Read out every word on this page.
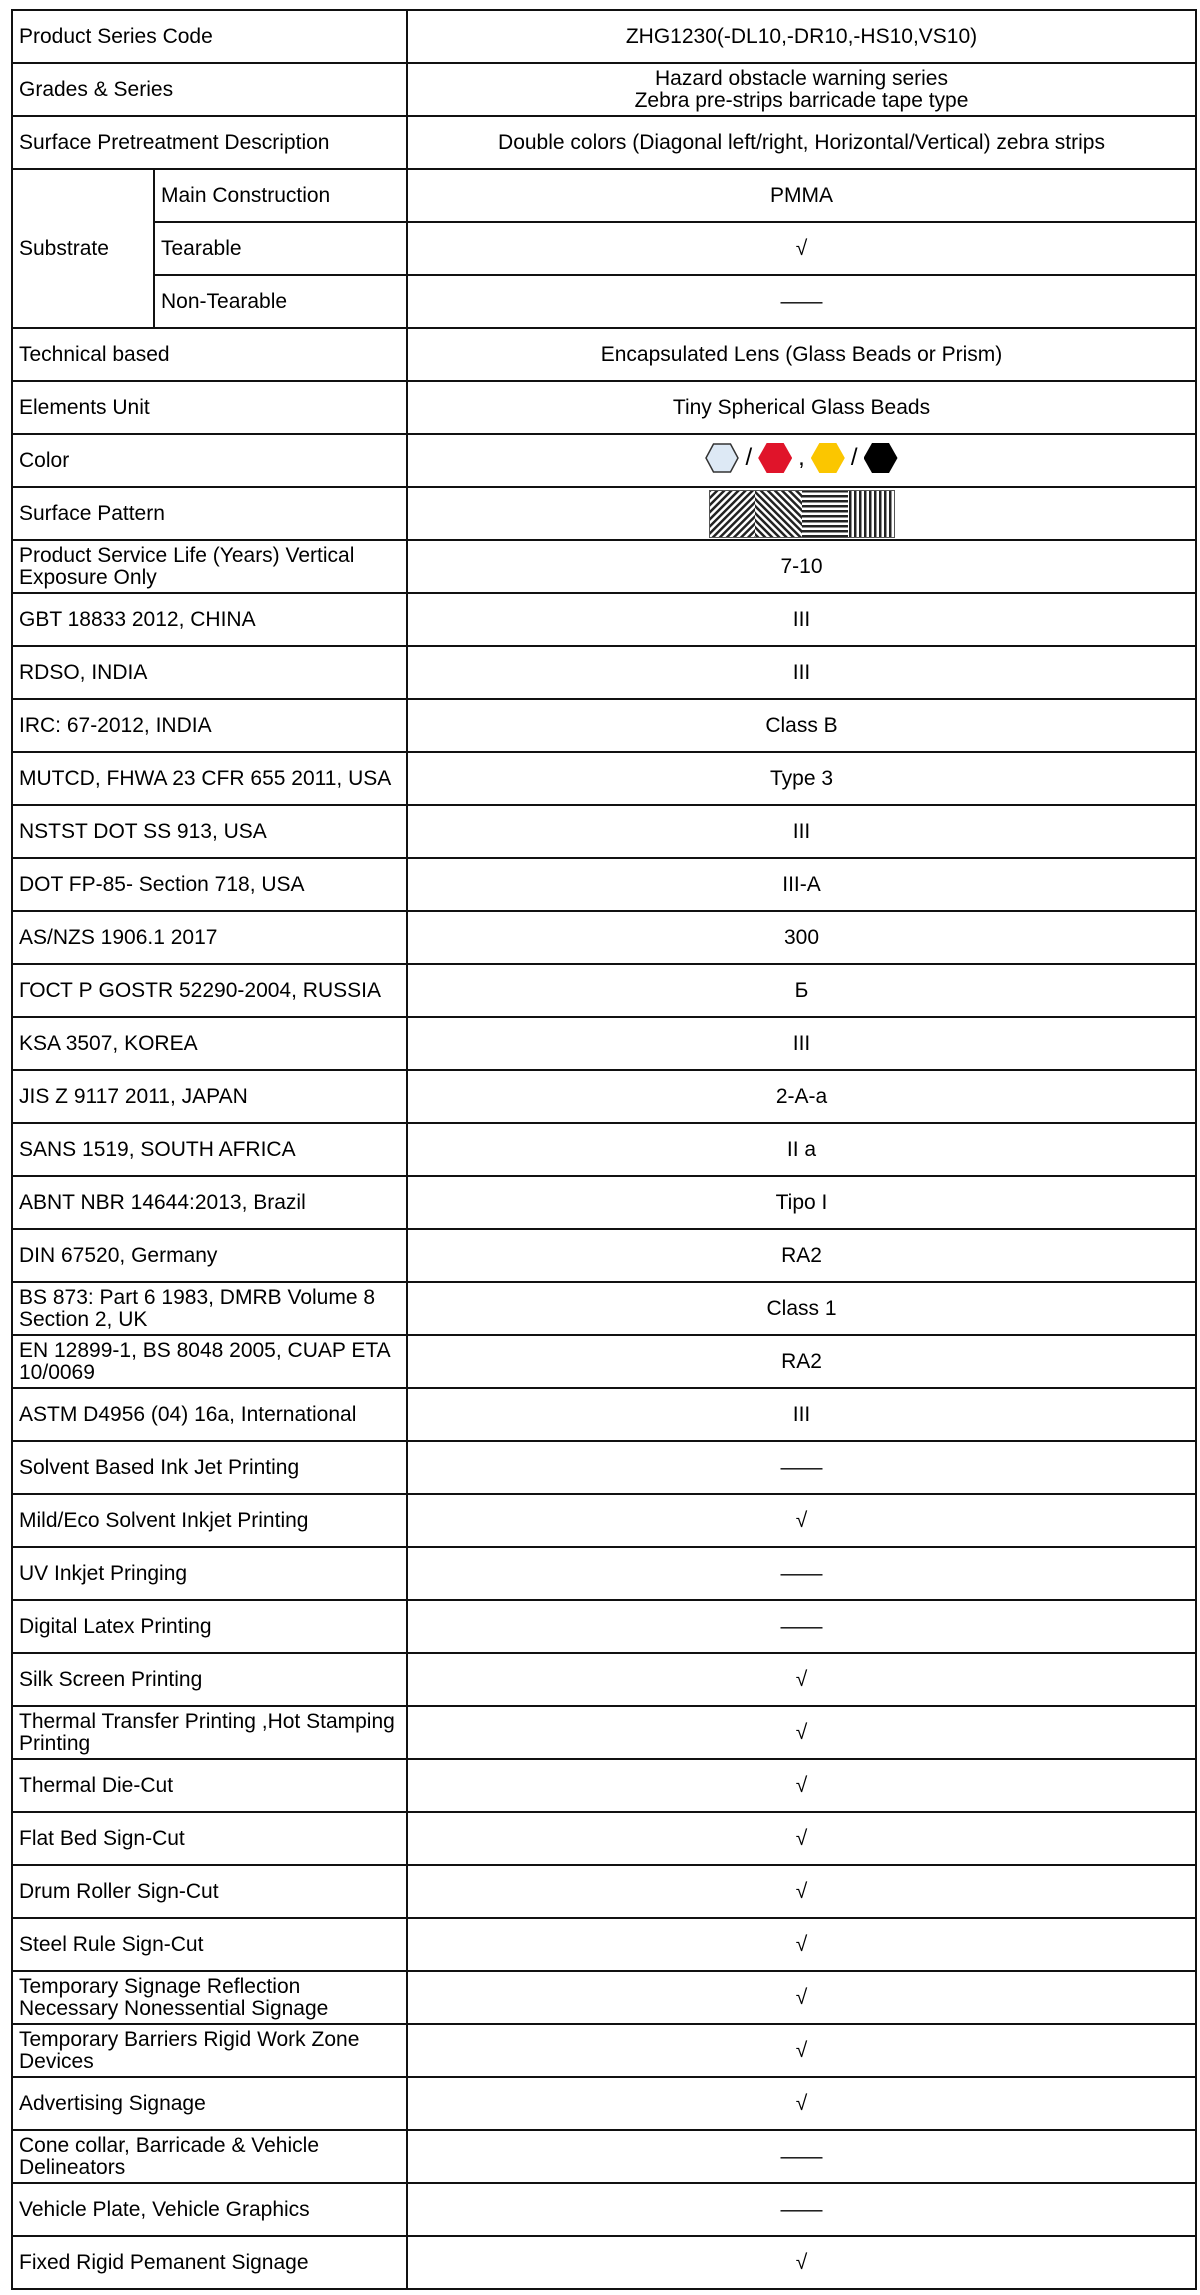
Product Series Code		ZHG1230(-DL10,-DR10,-HS10,VS10)
Grades & Series		Hazard obstacle warning series
Zebra pre-strips barricade tape type

Surface Pretreatment Description		Double colors (Diagonal left/right, Horizontal/Vertical) zebra strips
Substrate	Main Construction	PMMA
	Tearable	√
	Non-Tearable	——
Technical based		Encapsulated Lens (Glass Beads or Prism)
Elements Unit		Tiny Spherical Glass Beads
Color		/ , /

Surface Pattern	
Product Service Life (Years) Vertical Exposure Only		7-10
GBT 18833 2012, CHINA		III
RDSO, INDIA		III
IRC: 67-2012, INDIA		Class B
MUTCD, FHWA 23 CFR 655 2011, USA		Type 3
NSTST DOT SS 913, USA		III
DOT FP-85- Section 718, USA		III-A
AS/NZS 1906.1 2017		300
ГОСТ Р GOSTR 52290-2004, RUSSIA		Б
KSA 3507, KOREA		III
JIS Z 9117 2011, JAPAN		2-A-a
SANS 1519, SOUTH AFRICA		II a
ABNT NBR 14644:2013, Brazil		Tipo I
DIN 67520, Germany		RA2
BS 873: Part 6 1983, DMRB Volume 8 Section 2, UK		Class 1
EN 12899-1, BS 8048 2005, CUAP ETA 10/0069		RA2
ASTM D4956 (04) 16a, International		III
Solvent Based Ink Jet Printing		——
Mild/Eco Solvent Inkjet Printing		√
UV Inkjet Pringing		——
Digital Latex Printing		——
Silk Screen Printing		√
Thermal Transfer Printing ,Hot Stamping Printing		√
Thermal Die-Cut		√
Flat Bed Sign-Cut		√
Drum Roller Sign-Cut		√
Steel Rule Sign-Cut		√
Temporary Signage Reflection Necessary Nonessential Signage		√
Temporary Barriers Rigid Work Zone Devices		√
Advertising Signage		√
Cone collar, Barricade & Vehicle Delineators		——
Vehicle Plate, Vehicle Graphics		——
Fixed Rigid Pemanent Signage		√
